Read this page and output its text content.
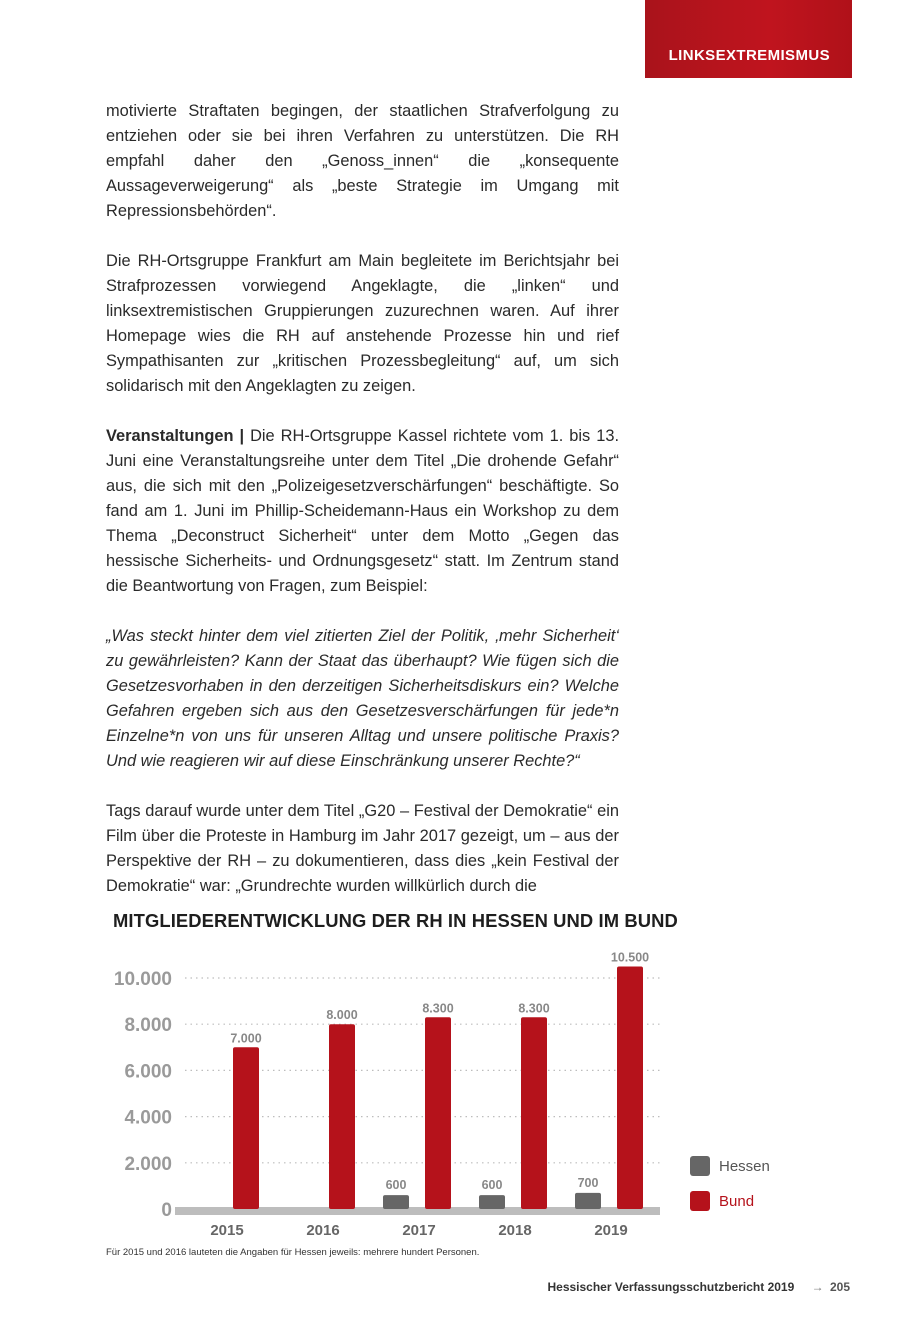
LINKSEXTREMISMUS

motivierte Straftaten begingen, der staatlichen Strafverfolgung zu entziehen oder sie bei ihren Verfahren zu unterstützen. Die RH empfahl daher den „Genoss_innen“ die „konsequente Aussageverweigerung“ als „beste Strategie im Umgang mit Repressionsbehörden“.

Die RH-Ortsgruppe Frankfurt am Main begleitete im Berichtsjahr bei Strafprozessen vorwiegend Angeklagte, die „linken“ und linksextremistischen Gruppierungen zuzurechnen waren. Auf ihrer Homepage wies die RH auf anstehende Prozesse hin und rief Sympathisanten zur „kritischen Prozessbegleitung“ auf, um sich solidarisch mit den Angeklagten zu zeigen.

Veranstaltungen | Die RH-Ortsgruppe Kassel richtete vom 1. bis 13. Juni eine Veranstaltungsreihe unter dem Titel „Die drohende Gefahr“ aus, die sich mit den „Polizeigesetzverschärfungen“ beschäftigte. So fand am 1. Juni im Phillip-Scheidemann-Haus ein Workshop zu dem Thema „Deconstruct Sicherheit“ unter dem Motto „Gegen das hessische Sicherheits- und Ordnungsgesetz“ statt. Im Zentrum stand die Beantwortung von Fragen, zum Beispiel:

„Was steckt hinter dem viel zitierten Ziel der Politik, ‚mehr Sicherheit‘ zu gewährleisten? Kann der Staat das überhaupt? Wie fügen sich die Gesetzesvorhaben in den derzeitigen Sicherheitsdiskurs ein? Welche Gefahren ergeben sich aus den Gesetzesverschärfungen für jede*n Einzelne*n von uns für unseren Alltag und unsere politische Praxis? Und wie reagieren wir auf diese Einschränkung unserer Rechte?“

Tags darauf wurde unter dem Titel „G20 – Festival der Demokratie“ ein Film über die Proteste in Hamburg im Jahr 2017 gezeigt, um – aus der Perspektive der RH – zu dokumentieren, dass dies „kein Festival der Demokratie“ war: „Grundrechte wurden willkürlich durch die

MITGLIEDERENTWICKLUNG DER RH IN HESSEN UND IM BUND
0
2.000
4.000
6.000
8.000
10.000
7.000
2015
8.000
2016
600
8.300
2017
600
8.300
2018
700
10.500
2019
Hessen
Bund
Für 2015 und 2016 lauteten die Angaben für Hessen jeweils: mehrere hundert Personen.
Hessischer Verfassungsschutzbericht 2019 → 205
